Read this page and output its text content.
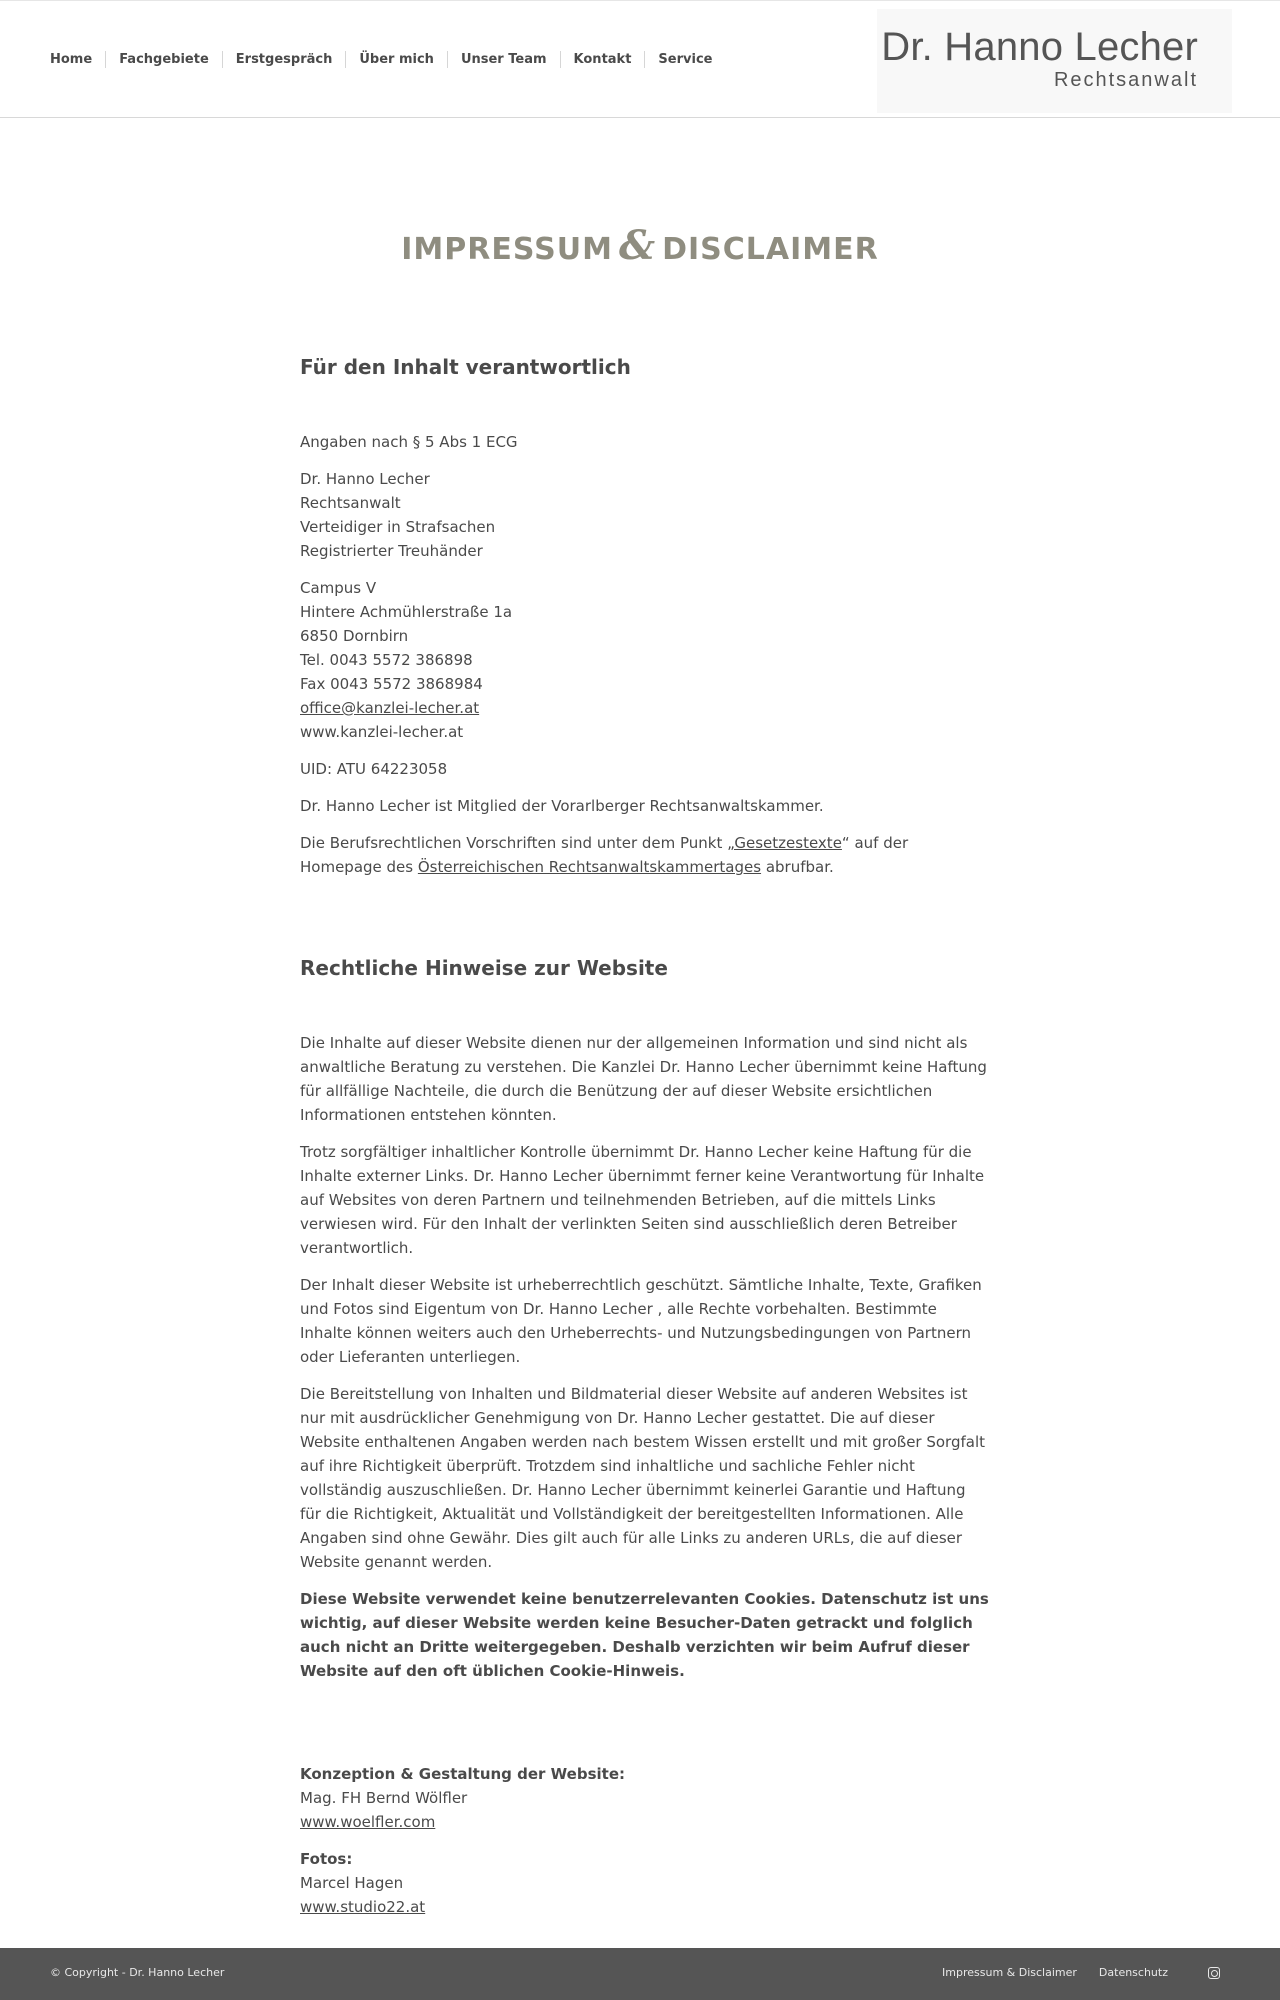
Home	Fachgebiete	Erstgespräch	Über mich	Unser Team	Kontakt	Service	Dr. Hanno Lecher
Rechtsanwalt
IMPRESSUM & DISCLAIMER
Für den Inhalt verantwortlich

Angaben nach § 5 Abs 1 ECG

Dr. Hanno Lecher
Rechtsanwalt
Verteidiger in Strafsachen
Registrierter Treuhänder

Campus V
Hintere Achmühlerstraße 1a
6850 Dornbirn
Tel. 0043 5572 386898
Fax 0043 5572 3868984
office@kanzlei-lecher.at
www.kanzlei-lecher.at

UID: ATU 64223058

Dr. Hanno Lecher ist Mitglied der Vorarlberger Rechtsanwaltskammer.

Die Berufsrechtlichen Vorschriften sind unter dem Punkt „Gesetzestexte“ auf der Homepage des Österreichischen Rechtsanwaltskammertages abrufbar.

Rechtliche Hinweise zur Website

Die Inhalte auf dieser Website dienen nur der allgemeinen Information und sind nicht als anwaltliche Beratung zu verstehen. Die Kanzlei Dr. Hanno Lecher übernimmt keine Haftung für allfällige Nachteile, die durch die Benützung der auf dieser Website ersichtlichen Informationen entstehen könnten.

Trotz sorgfältiger inhaltlicher Kontrolle übernimmt Dr. Hanno Lecher keine Haftung für die Inhalte externer Links. Dr. Hanno Lecher übernimmt ferner keine Verantwortung für Inhalte auf Websites von deren Partnern und teilnehmenden Betrieben, auf die mittels Links verwiesen wird. Für den Inhalt der verlinkten Seiten sind ausschließlich deren Betreiber verantwortlich.

Der Inhalt dieser Website ist urheberrechtlich geschützt. Sämtliche Inhalte, Texte, Grafiken und Fotos sind Eigentum von Dr. Hanno Lecher , alle Rechte vorbehalten. Bestimmte Inhalte können weiters auch den Urheberrechts- und Nutzungsbedingungen von Partnern oder Lieferanten unterliegen.

Die Bereitstellung von Inhalten und Bildmaterial dieser Website auf anderen Websites ist nur mit ausdrücklicher Genehmigung von Dr. Hanno Lecher gestattet. Die auf dieser Website enthaltenen Angaben werden nach bestem Wissen erstellt und mit großer Sorgfalt auf ihre Richtigkeit überprüft. Trotzdem sind inhaltliche und sachliche Fehler nicht vollständig auszuschließen. Dr. Hanno Lecher übernimmt keinerlei Garantie und Haftung für die Richtigkeit, Aktualität und Vollständigkeit der bereitgestellten Informationen. Alle Angaben sind ohne Gewähr. Dies gilt auch für alle Links zu anderen URLs, die auf dieser Website genannt werden.

Diese Website verwendet keine benutzerrelevanten Cookies. Datenschutz ist uns wichtig, auf dieser Website werden keine Besucher-Daten getrackt und folglich auch nicht an Dritte weitergegeben. Deshalb verzichten wir beim Aufruf dieser Website auf den oft üblichen Cookie-Hinweis.

Konzeption & Gestaltung der Website:
Mag. FH Bernd Wölfler
www.woelfler.com

Fotos:
Marcel Hagen
www.studio22.at

© Copyright - Dr. Hanno Lecher	Impressum & Disclaimer Datenschutz
